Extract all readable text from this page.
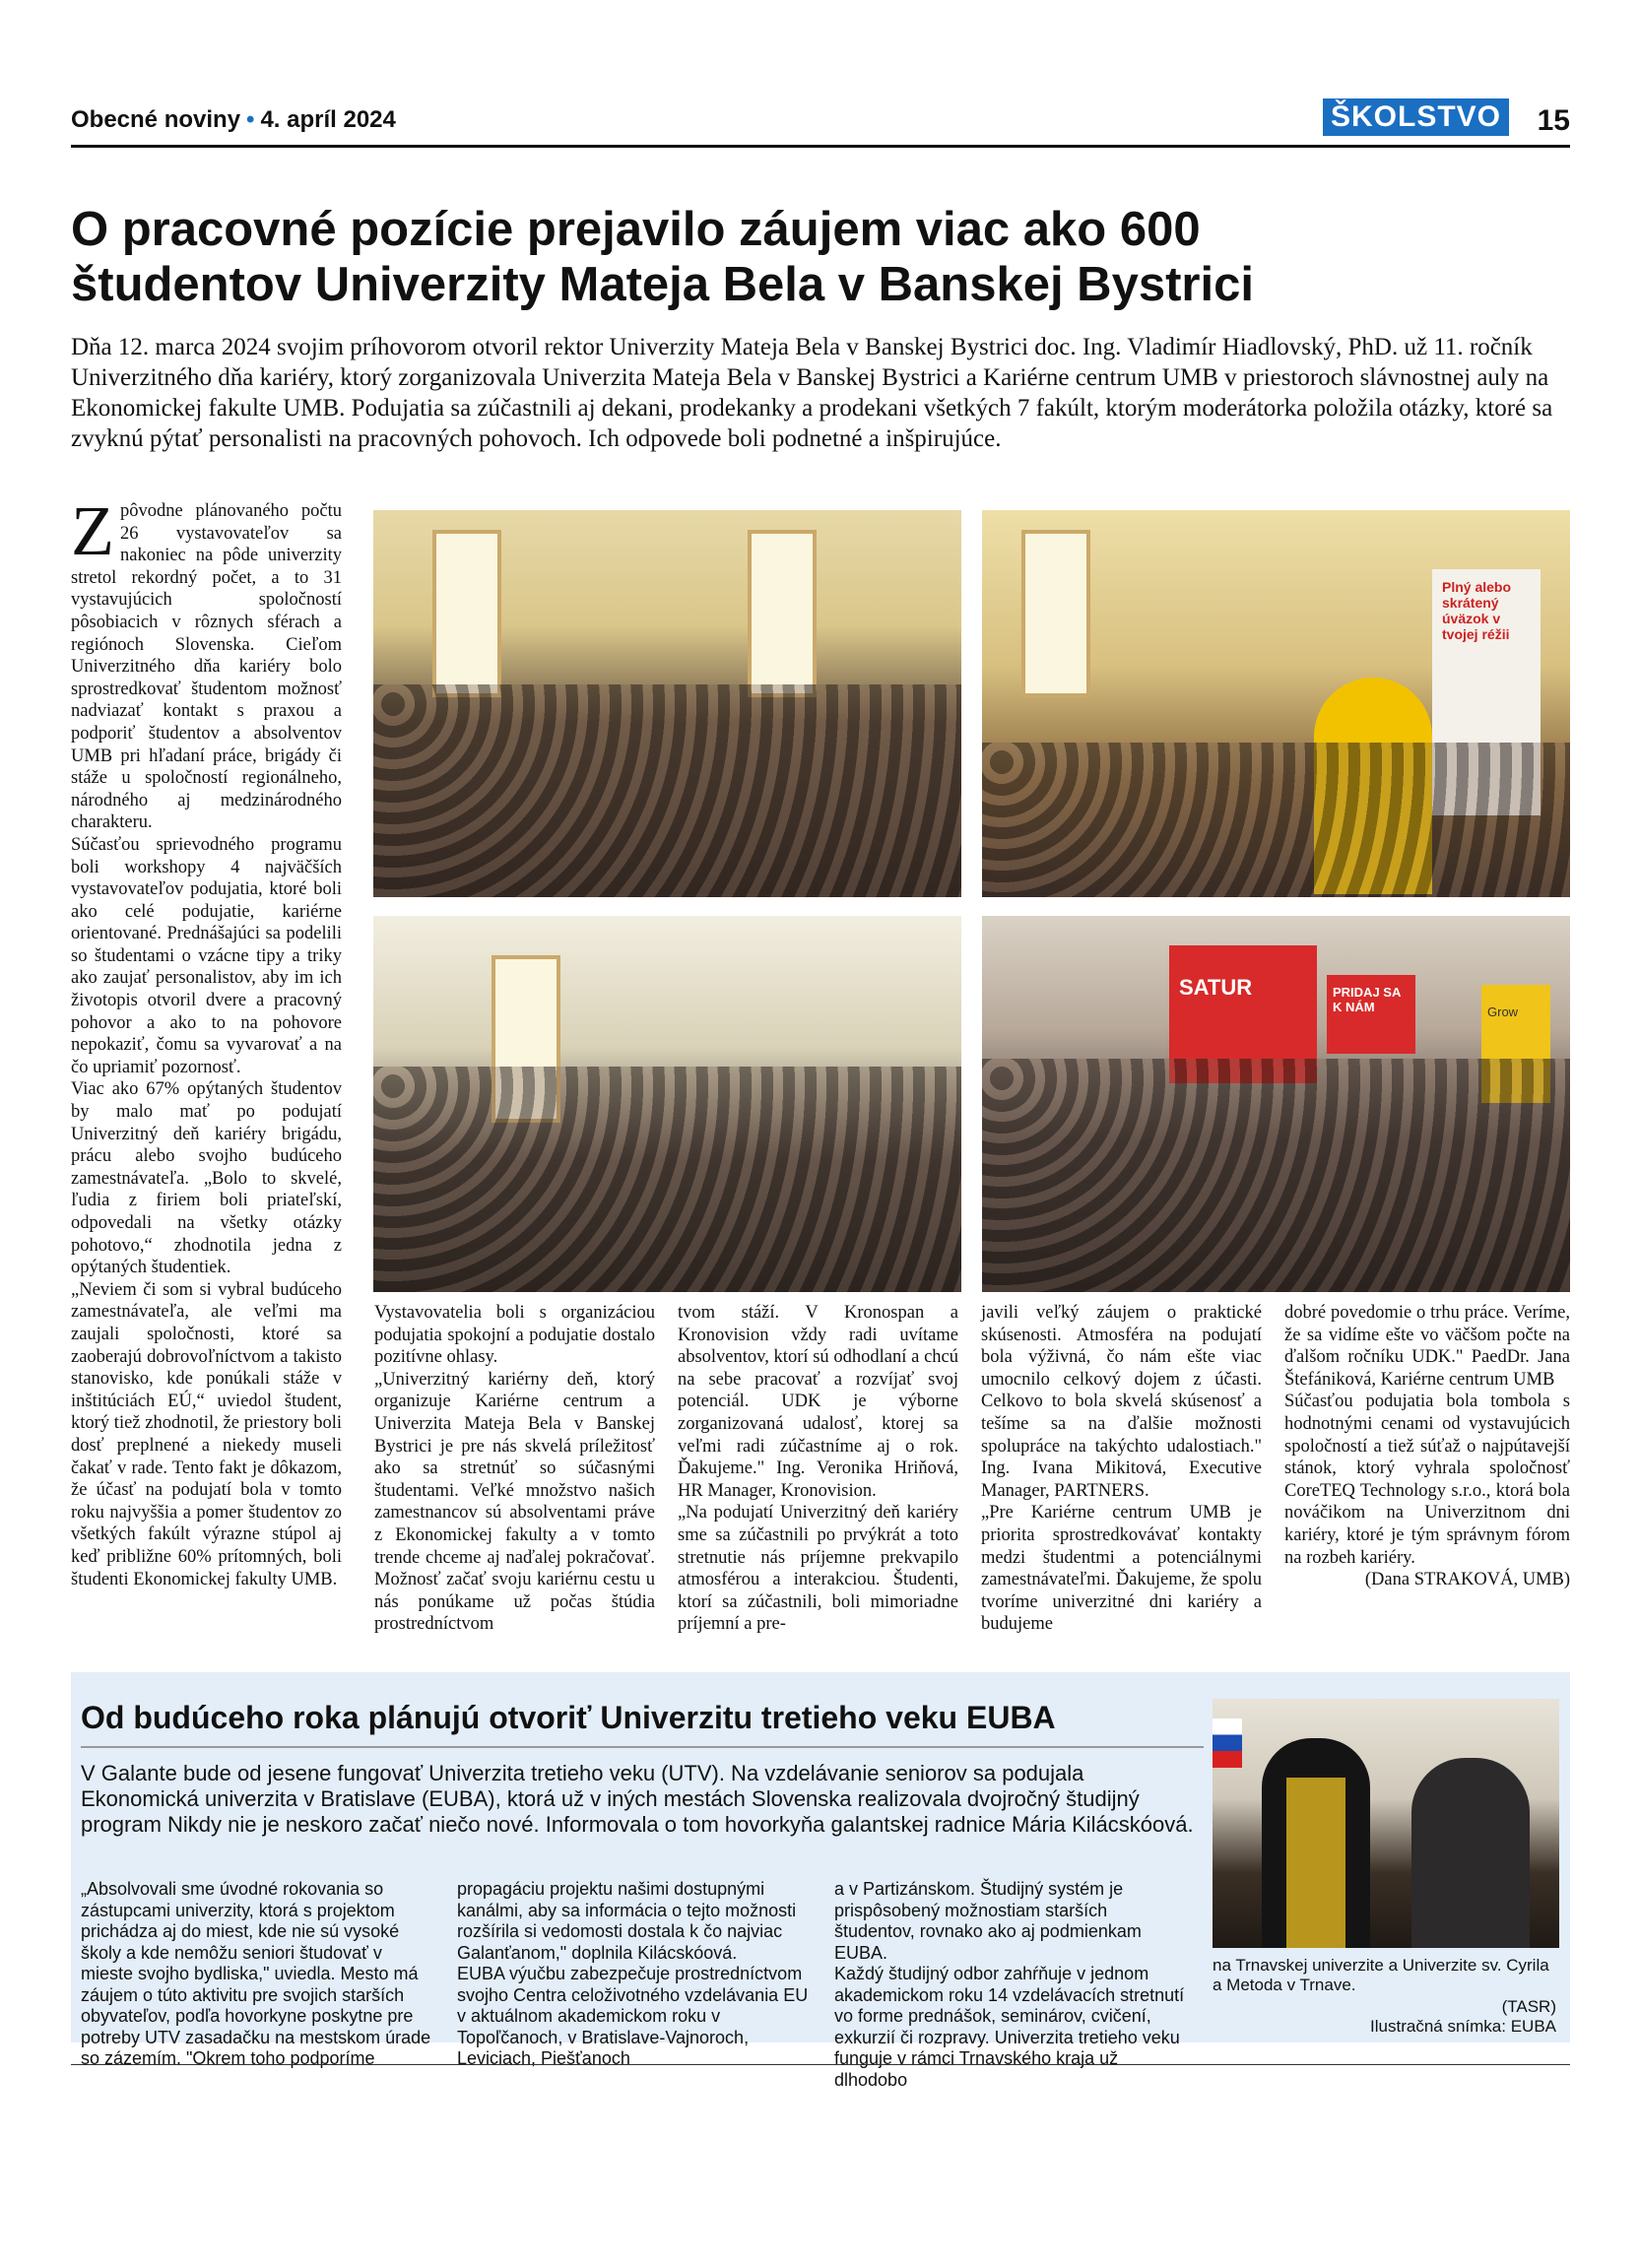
Obecné noviny • 4. apríl 2024	ŠKOLSTVO 15
O pracovné pozície prejavilo záujem viac ako 600
študentov Univerzity Mateja Bela v Banskej Bystrici

Dňa 12. marca 2024 svojim príhovorom otvoril rektor Univerzity Mateja Bela v Banskej Bystrici doc. Ing. Vladimír Hiadlovský, PhD. už 11. ročník Univerzitného dňa kariéry, ktorý zorganizovala Univerzita Mateja Bela v Banskej Bystrici a Kariérne centrum UMB v priestoroch slávnostnej auly na Ekonomickej fakulte UMB. Podujatia sa zúčastnili aj dekani, prodekanky a prodekani všetkých 7 fakúlt, ktorým moderátorka položila otázky, ktoré sa zvyknú pýtať personalisti na pracovných pohovoch. Ich odpovede boli podnetné a inšpirujúce.

Zpôvodne plánovaného počtu 26 vystavovateľov sa nakoniec na pôde univerzity stretol rekordný počet, a to 31 vystavujúcich spoločností pôsobiacich v rôznych sférach a regiónoch Slovenska. Cieľom Univerzitného dňa kariéry bolo sprostredkovať študentom možnosť nadviazať kontakt s praxou a podporiť študentov a absolventov UMB pri hľadaní práce, brigády či stáže u spoločností regionálneho, národného aj medzinárodného charakteru.

Súčasťou sprievodného programu boli workshopy 4 najväčších vystavovateľov podujatia, ktoré boli ako celé podujatie, kariérne orientované. Prednášajúci sa podelili so študentami o vzácne tipy a triky ako zaujať personalistov, aby im ich životopis otvoril dvere a pracovný pohovor a ako to na pohovore nepokaziť, čomu sa vyvarovať a na čo upriamiť pozornosť.

Viac ako 67% opýtaných študentov by malo mať po podujatí Univerzitný deň kariéry brigádu, prácu alebo svojho budúceho zamestnávateľa. „Bolo to skvelé, ľudia z firiem boli priateľskí, odpovedali na všetky otázky pohotovo,“ zhodnotila jedna z opýtaných študentiek.

„Neviem či som si vybral budúceho zamestnávateľa, ale veľmi ma zaujali spoločnosti, ktoré sa zaoberajú dobrovoľníctvom a takisto stanovisko, kde ponúkali stáže v inštitúciách EÚ,“ uviedol študent, ktorý tiež zhodnotil, že priestory boli dosť preplnené a niekedy museli čakať v rade. Tento fakt je dôkazom, že účasť na podujatí bola v tomto roku najvyššia a pomer študentov zo všetkých fakúlt výrazne stúpol aj keď približne 60% prítomných, boli študenti Ekonomickej fakulty UMB.

Plný alebo skrátený úväzok v tvojej réžii
SATUR	PRIDAJ SA K NÁM	Grow

Vystavovatelia boli s organizáciou podujatia spokojní a podujatie dostalo pozitívne ohlasy.

„Univerzitný kariérny deň, ktorý organizuje Kariérne centrum a Univerzita Mateja Bela v Banskej Bystrici je pre nás skvelá príležitosť ako sa stretnúť so súčasnými študentami. Veľké množstvo našich zamestnancov sú absolventami práve z Ekonomickej fakulty a v tomto trende chceme aj naďalej pokračovať. Možnosť začať svoju kariérnu cestu u nás ponúkame už počas štúdia prostredníctvom

tvom stáží. V Kronospan a Kronovision vždy radi uvítame absolventov, ktorí sú odhodlaní a chcú na sebe pracovať a rozvíjať svoj potenciál. UDK je výborne zorganizovaná udalosť, ktorej sa veľmi radi zúčastníme aj o rok. Ďakujeme." Ing. Veronika Hriňová, HR Manager, Kronovision.

„Na podujatí Univerzitný deň kariéry sme sa zúčastnili po prvýkrát a toto stretnutie nás príjemne prekvapilo atmosférou a interakciou. Študenti, ktorí sa zúčastnili, boli mimoriadne príjemní a pre-

javili veľký záujem o praktické skúsenosti. Atmosféra na podujatí bola výživná, čo nám ešte viac umocnilo celkový dojem z účasti. Celkovo to bola skvelá skúsenosť a tešíme sa na ďalšie možnosti spolupráce na takýchto udalostiach." Ing. Ivana Mikitová, Executive Manager, PARTNERS.

„Pre Kariérne centrum UMB je priorita sprostredkovávať kontakty medzi študentmi a potenciálnymi zamestnávateľmi. Ďakujeme, že spolu tvoríme univerzitné dni kariéry a budujeme

dobré povedomie o trhu práce. Veríme, že sa vidíme ešte vo väčšom počte na ďalšom ročníku UDK." PaedDr. Jana Štefániková, Kariérne centrum UMB

Súčasťou podujatia bola tombola s hodnotnými cenami od vystavujúcich spoločností a tiež súťaž o najpútavejší stánok, ktorý vyhrala spoločnosť CoreTEQ Technology s.r.o., ktorá bola nováčikom na Univerzitnom dni kariéry, ktoré je tým správnym fórom na rozbeh kariéry.

(Dana STRAKOVÁ, UMB)

Od budúceho roka plánujú otvoriť Univerzitu tretieho veku EUBA

V Galante bude od jesene fungovať Univerzita tretieho veku (UTV). Na vzdelávanie seniorov sa podujala Ekonomická univerzita v Bratislave (EUBA), ktorá už v iných mestách Slovenska realizovala dvojročný študijný program Nikdy nie je neskoro začať niečo nové. Informovala o tom hovorkyňa galantskej radnice Mária Kilácskóová.

„Absolvovali sme úvodné rokovania so zástupcami univerzity, ktorá s projektom prichádza aj do miest, kde nie sú vysoké školy a kde nemôžu seniori študovať v mieste svojho bydliska," uviedla. Mesto má záujem o túto aktivitu pre svojich starších obyvateľov, podľa hovorkyne poskytne pre potreby UTV zasadačku na mestskom úrade so zázemím. "Okrem toho podporíme

propagáciu projektu našimi dostupnými kanálmi, aby sa informácia o tejto možnosti rozšírila si vedomosti dostala k čo najviac Galanťanom," doplnila Kilácskóová.

EUBA výučbu zabezpečuje prostredníctvom svojho Centra celoživotného vzdelávania EU v aktuálnom akademickom roku v Topoľčanoch, v Bratislave-Vajnoroch, Leviciach, Piešťanoch

a v Partizánskom. Študijný systém je prispôsobený možnostiam starších študentov, rovnako ako aj podmienkam EUBA.

Každý študijný odbor zahŕňuje v jednom akademickom roku 14 vzdelávacích stretnutí vo forme prednášok, seminárov, cvičení, exkurzií či rozpravy. Univerzita tretieho veku funguje v rámci Trnavského kraja už dlhodobo

na Trnavskej univerzite a Univerzite sv. Cyrila a Metoda v Trnave.

(TASR)
Ilustračná snímka: EUBA
